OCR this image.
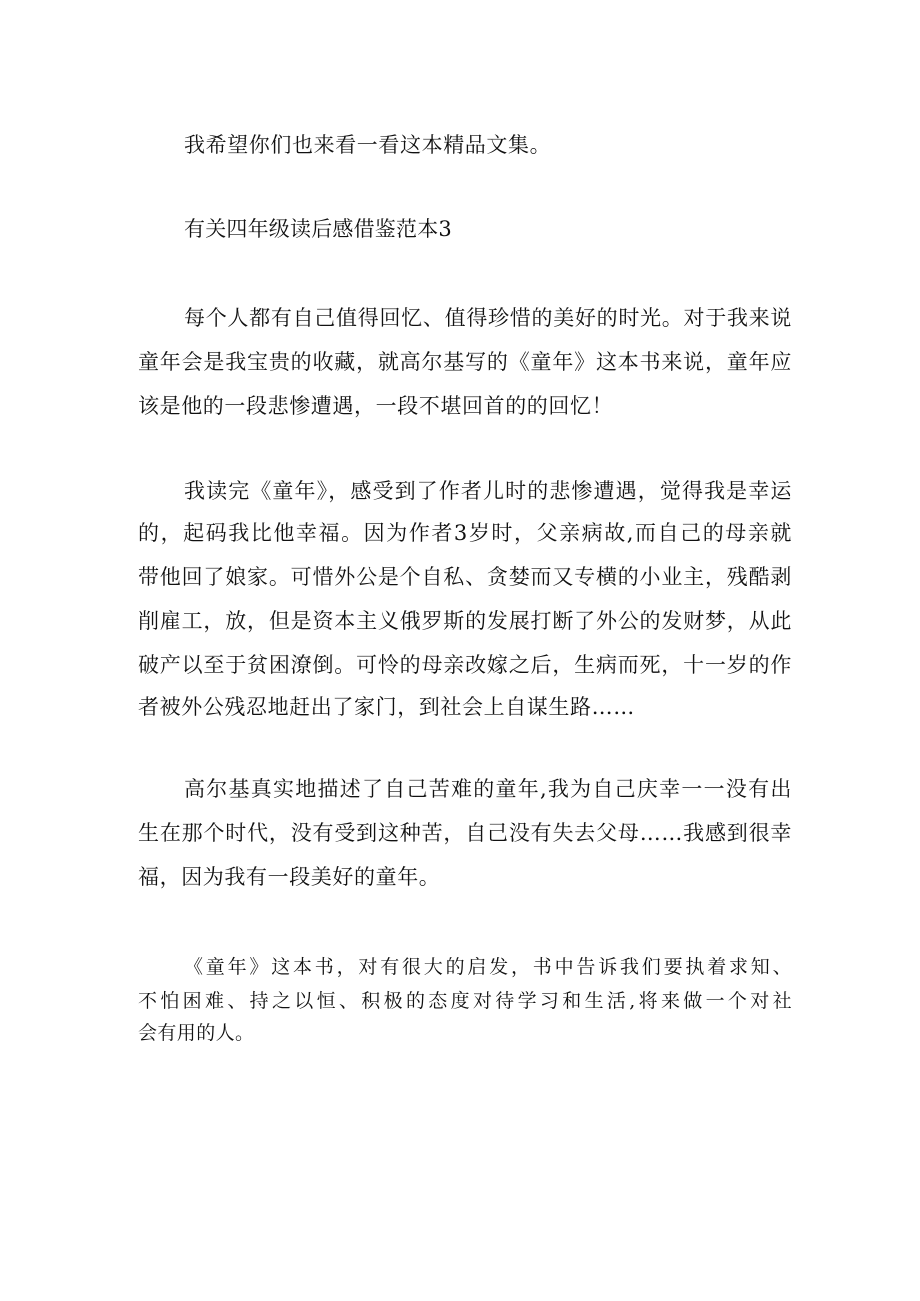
我希望你们也来看一看这本精品文集。
有关四年级读后感借鉴范本3
每个人都有自己值得回忆、值得珍惜的美好的时光。对于我来说
童年会是我宝贵的收藏，就高尔基写的《童年》这本书来说，童年应
该是他的一段悲惨遭遇，一段不堪回首的的回忆！
我读完《童年》，感受到了作者儿时的悲惨遭遇，觉得我是幸运
的，起码我比他幸福。因为作者3岁时，父亲病故,而自己的母亲就
带他回了娘家。可惜外公是个自私、贪婪而又专横的小业主，残酷剥
削雇工，放，但是资本主义俄罗斯的发展打断了外公的发财梦，从此
破产以至于贫困潦倒。可怜的母亲改嫁之后，生病而死，十一岁的作
者被外公残忍地赶出了家门，到社会上自谋生路……
高尔基真实地描述了自己苦难的童年,我为自己庆幸一一没有出
生在那个时代，没有受到这种苦，自己没有失去父母……我感到很幸
福，因为我有一段美好的童年。
《童年》这本书，对有很大的启发，书中告诉我们要执着求知、
不怕困难、持之以恒、积极的态度对待学习和生活,将来做一个对社
会有用的人。
